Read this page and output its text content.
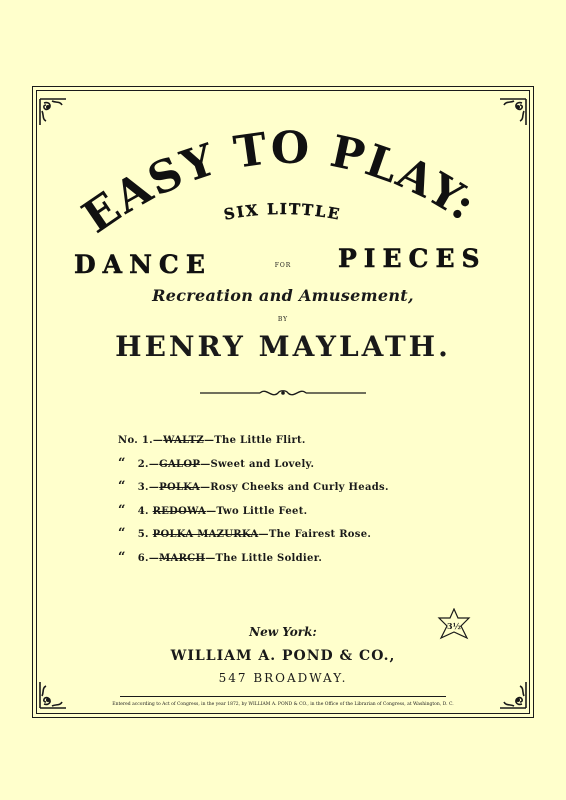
EASY TO PLAY:
SIX LITTLE
DANCE	FOR	PIECES
Recreation and Amusement,
BY
HENRY MAYLATH.
No. 1.—WALTZ—The Little Flirt.
“ 2.—GALOP—Sweet and Lovely.
“ 3.—POLKA—Rosy Cheeks and Curly Heads.
“ 4. REDOWA—Two Little Feet.
“ 5. POLKA MAZURKA—The Fairest Rose.
“ 6.—MARCH—The Little Soldier.
New York:
WILLIAM A. POND & CO.,
547 BROADWAY.
3½
Entered according to Act of Congress, in the year 1872, by WILLIAM A. POND & CO., in the Office of the Librarian of Congress, at Washington, D. C.
